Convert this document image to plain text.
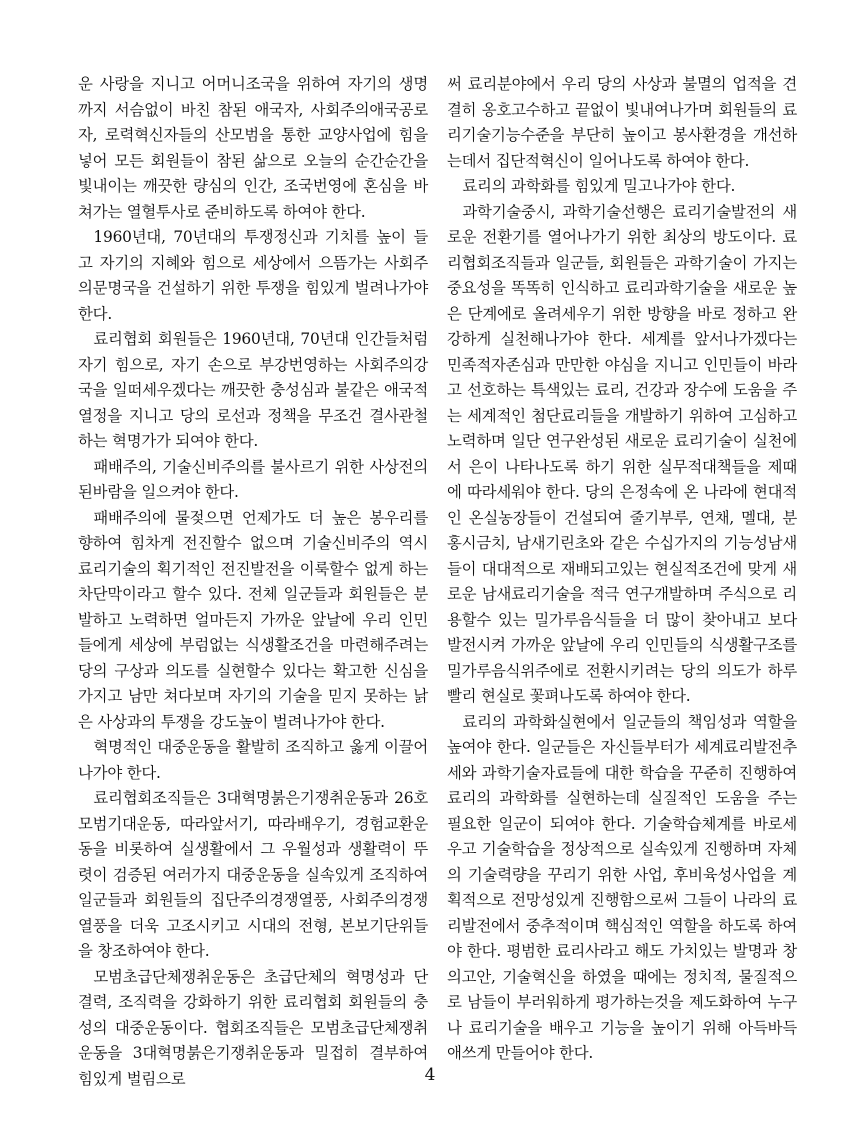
운 사랑을 지니고 어머니조국을 위하여 자기의 생명까지 서슴없이 바친 참된 애국자, 사회주의애국공로자, 로력혁신자들의 산모범을 통한 교양사업에 힘을 넣어 모든 회원들이 참된 삶으로 오늘의 순간순간을 빛내이는 깨끗한 량심의 인간, 조국번영에 혼심을 바쳐가는 열혈투사로 준비하도록 하여야 한다.

1960년대, 70년대의 투쟁정신과 기치를 높이 들고 자기의 지혜와 힘으로 세상에서 으뜸가는 사회주의문명국을 건설하기 위한 투쟁을 힘있게 벌려나가야 한다.

료리협회 회원들은 1960년대, 70년대 인간들처럼 자기 힘으로, 자기 손으로 부강번영하는 사회주의강국을 일떠세우겠다는 깨끗한 충성심과 불같은 애국적열정을 지니고 당의 로선과 정책을 무조건 결사관철하는 혁명가가 되여야 한다.

패배주의, 기술신비주의를 불사르기 위한 사상전의 된바람을 일으켜야 한다.

패배주의에 물젖으면 언제가도 더 높은 봉우리를 향하여 힘차게 전진할수 없으며 기술신비주의 역시 료리기술의 획기적인 전진발전을 이룩할수 없게 하는 차단막이라고 할수 있다. 전체 일군들과 회원들은 분발하고 노력하면 얼마든지 가까운 앞날에 우리 인민들에게 세상에 부럼없는 식생활조건을 마련해주려는 당의 구상과 의도를 실현할수 있다는 확고한 신심을 가지고 남만 쳐다보며 자기의 기술을 믿지 못하는 낡은 사상과의 투쟁을 강도높이 벌려나가야 한다.

혁명적인 대중운동을 활발히 조직하고 옳게 이끌어나가야 한다.

료리협회조직들은 3대혁명붉은기쟁취운동과 26호모범기대운동, 따라앞서기, 따라배우기, 경험교환운동을 비롯하여 실생활에서 그 우월성과 생활력이 뚜렷이 검증된 여러가지 대중운동을 실속있게 조직하여 일군들과 회원들의 집단주의경쟁열풍, 사회주의경쟁열풍을 더욱 고조시키고 시대의 전형, 본보기단위들을 창조하여야 한다.

모범초급단체쟁취운동은 초급단체의 혁명성과 단결력, 조직력을 강화하기 위한 료리협회 회원들의 충성의 대중운동이다. 협회조직들은 모범초급단체쟁취운동을 3대혁명붉은기쟁취운동과 밀접히 결부하여 힘있게 벌림으로

써 료리분야에서 우리 당의 사상과 불멸의 업적을 견결히 옹호고수하고 끝없이 빛내여나가며 회원들의 료리기술기능수준을 부단히 높이고 봉사환경을 개선하는데서 집단적혁신이 일어나도록 하여야 한다.

료리의 과학화를 힘있게 밀고나가야 한다.

과학기술중시, 과학기술선행은 료리기술발전의 새로운 전환기를 열어나가기 위한 최상의 방도이다. 료리협회조직들과 일군들, 회원들은 과학기술이 가지는 중요성을 똑똑히 인식하고 료리과학기술을 새로운 높은 단계에로 올려세우기 위한 방향을 바로 정하고 완강하게 실천해나가야 한다. 세계를 앞서나가겠다는 민족적자존심과 만만한 야심을 지니고 인민들이 바라고 선호하는 특색있는 료리, 건강과 장수에 도움을 주는 세계적인 첨단료리들을 개발하기 위하여 고심하고 노력하며 일단 연구완성된 새로운 료리기술이 실천에서 은이 나타나도록 하기 위한 실무적대책들을 제때에 따라세워야 한다. 당의 은정속에 온 나라에 현대적인 온실농장들이 건설되여 줄기부루, 연채, 멜대, 분홍시금치, 남새기린초와 같은 수십가지의 기능성남새들이 대대적으로 재배되고있는 현실적조건에 맞게 새로운 남새료리기술을 적극 연구개발하며 주식으로 리용할수 있는 밀가루음식들을 더 많이 찾아내고 보다 발전시켜 가까운 앞날에 우리 인민들의 식생활구조를 밀가루음식위주에로 전환시키려는 당의 의도가 하루빨리 현실로 꽃펴나도록 하여야 한다.

료리의 과학화실현에서 일군들의 책임성과 역할을 높여야 한다. 일군들은 자신들부터가 세계료리발전추세와 과학기술자료들에 대한 학습을 꾸준히 진행하여 료리의 과학화를 실현하는데 실질적인 도움을 주는 필요한 일군이 되여야 한다. 기술학습체계를 바로세우고 기술학습을 정상적으로 실속있게 진행하며 자체의 기술력량을 꾸리기 위한 사업, 후비육성사업을 계획적으로 전망성있게 진행함으로써 그들이 나라의 료리발전에서 중추적이며 핵심적인 역할을 하도록 하여야 한다. 평범한 료리사라고 해도 가치있는 발명과 창의고안, 기술혁신을 하였을 때에는 정치적, 물질적으로 남들이 부러워하게 평가하는것을 제도화하여 누구나 료리기술을 배우고 기능을 높이기 위해 아득바득 애쓰게 만들어야 한다.

4
